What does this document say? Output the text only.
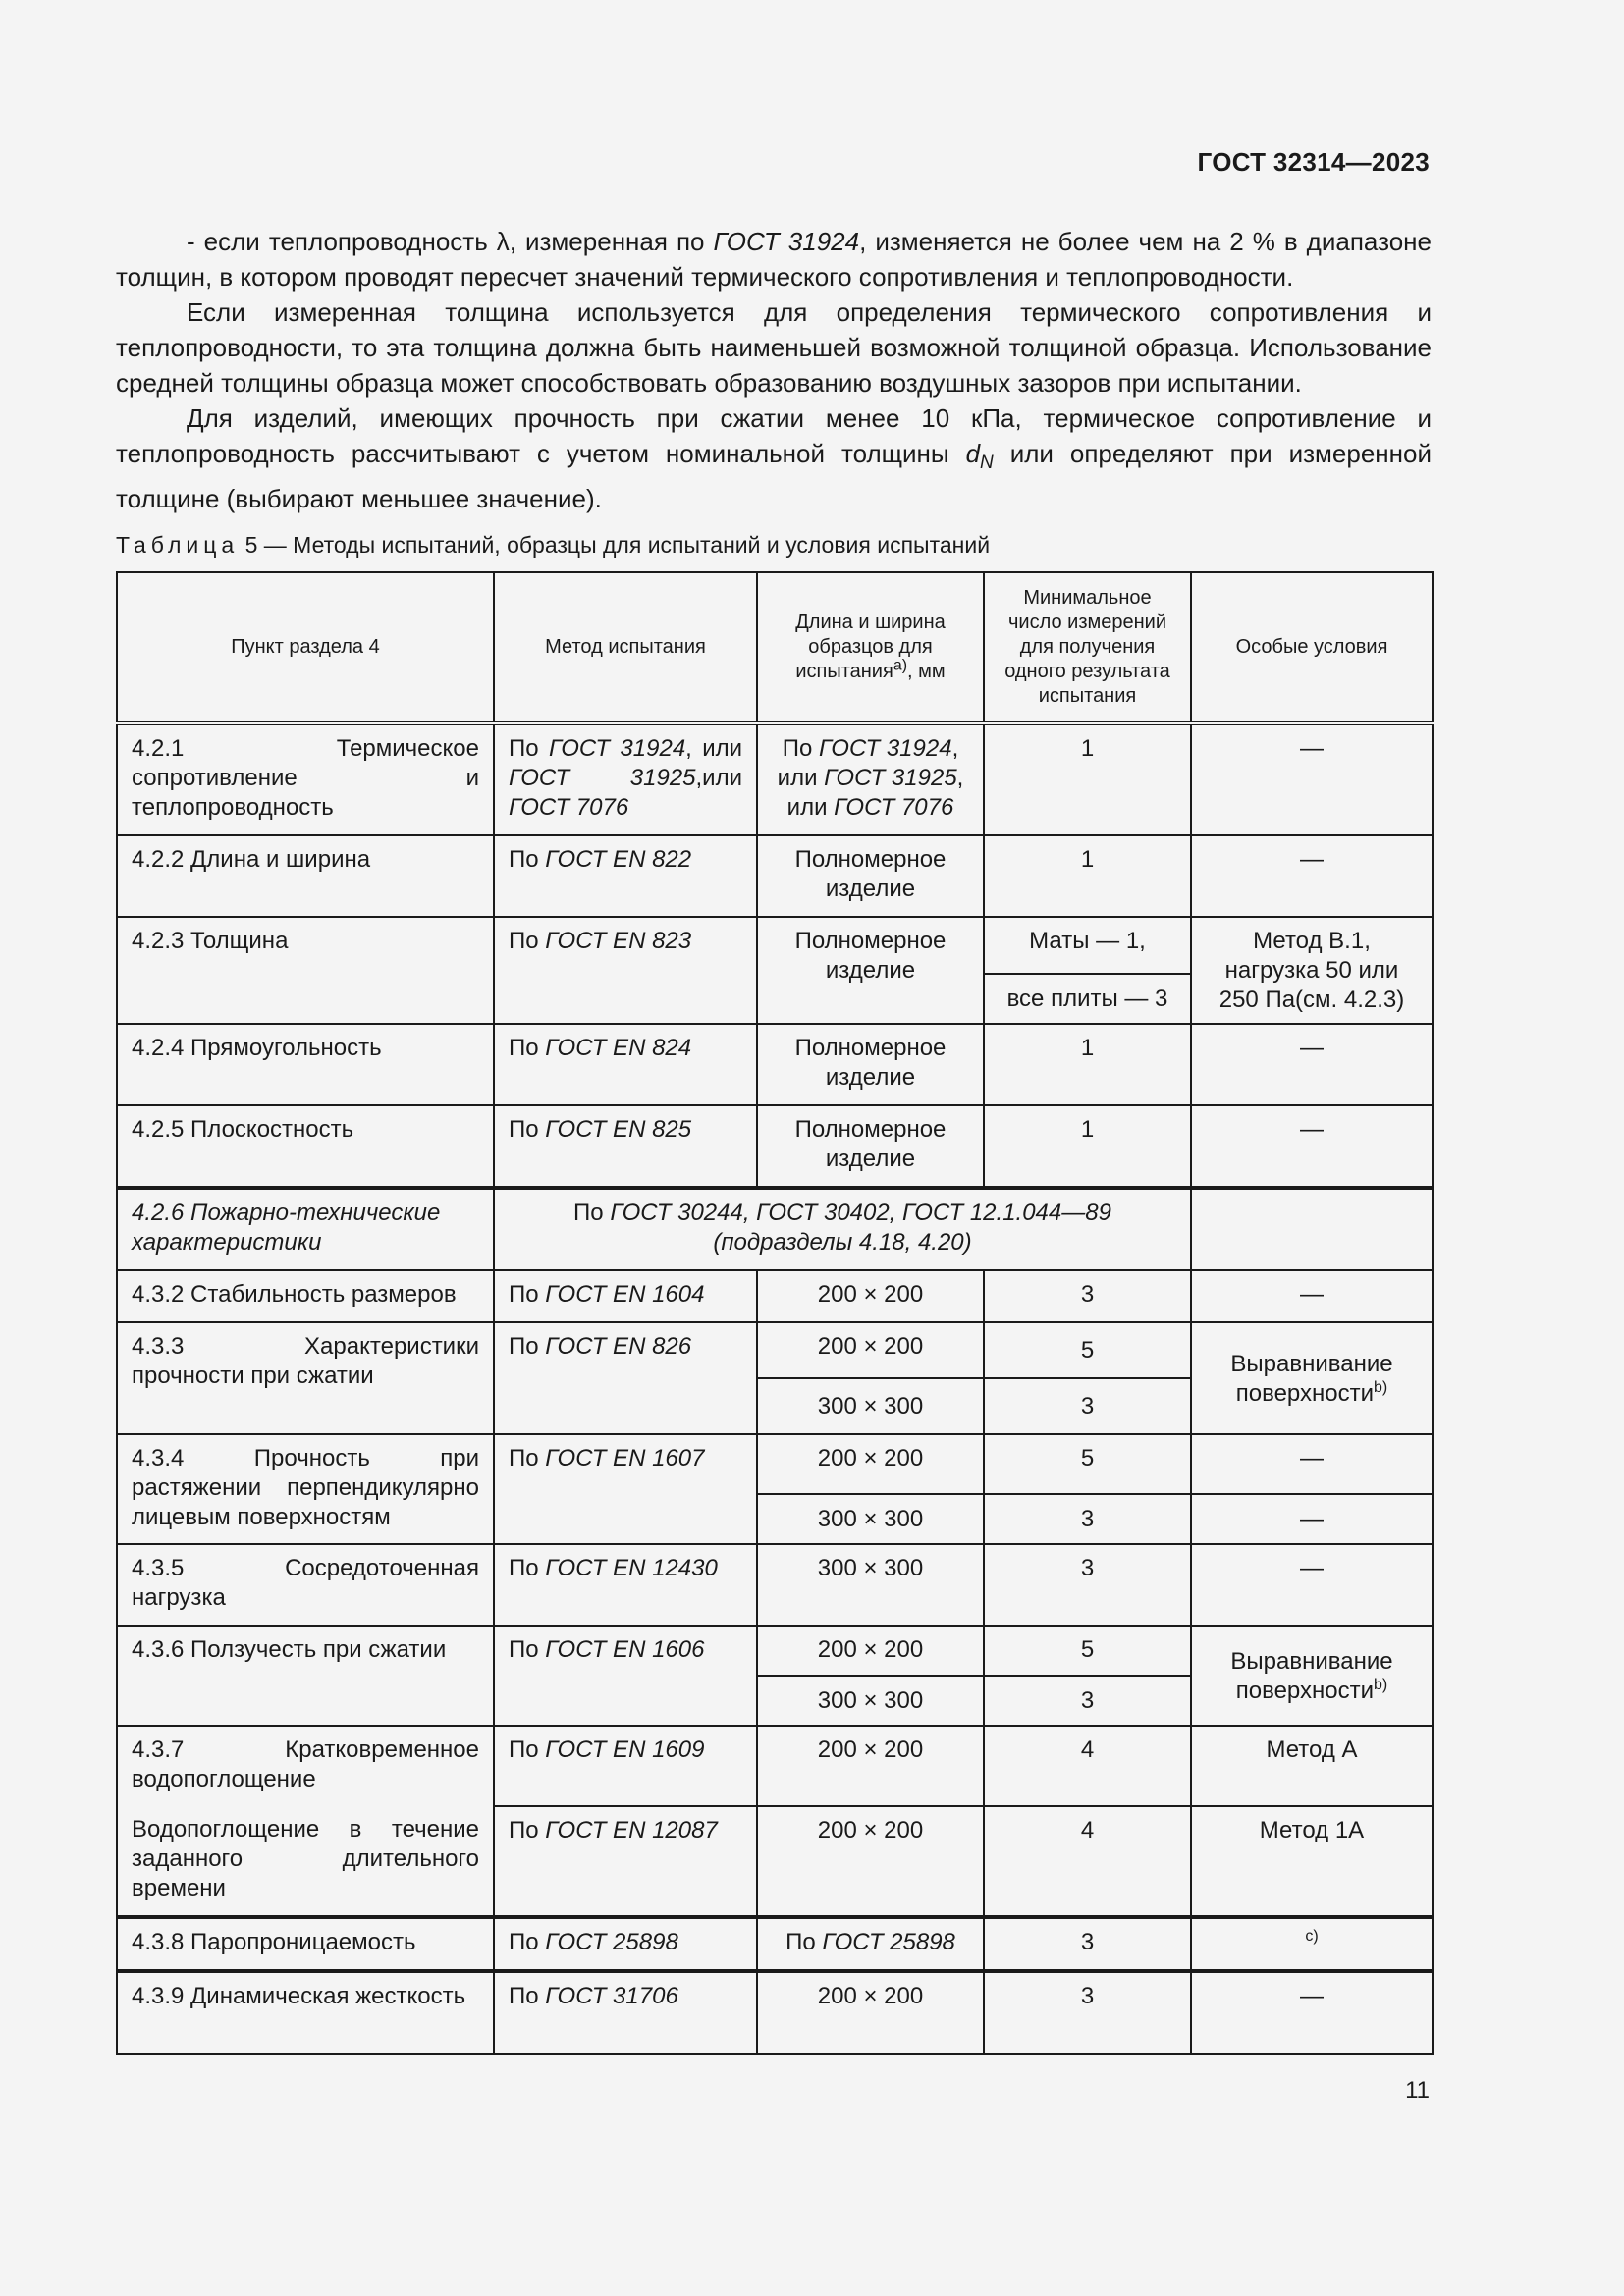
ГОСТ 32314—2023

- если теплопроводность λ, измеренная по ГОСТ 31924, изменяется не более чем на 2 % в диапазоне толщин, в котором проводят пересчет значений термического сопротивления и теплопроводности.

Если измеренная толщина используется для определения термического сопротивления и теплопроводности, то эта толщина должна быть наименьшей возможной толщиной образца. Использование средней толщины образца может способствовать образованию воздушных зазоров при испытании.

Для изделий, имеющих прочность при сжатии менее 10 кПа, термическое сопротивление и теплопроводность рассчитывают с учетом номинальной толщины $d_N$ или определяют при измеренной толщине (выбирают меньшее значение).

Таблица 5 — Методы испытаний, образцы для испытаний и условия испытаний
Пункт раздела 4	Метод испытания	Длина и ширина образцов для испытания$^{а)}$, мм	Минимальное число измерений для получения одного результата испытания	Особые условия
4.2.1 Термическое сопротивление и теплопроводность	По ГОСТ 31924, или ГОСТ 31925,или ГОСТ 7076	По ГОСТ 31924, или ГОСТ 31925, или ГОСТ 7076	1	—
4.2.2 Длина и ширина	По ГОСТ EN 822	Полномерное изделие	1	—
4.2.3 Толщина	По ГОСТ EN 823	Полномерное изделие	Маты — 1,	Метод В.1, нагрузка 50 или 250 Па(см. 4.2.3)
			все плиты — 3	
4.2.4 Прямоугольность	По ГОСТ EN 824	Полномерное изделие	1	—
4.2.5 Плоскостность	По ГОСТ EN 825	Полномерное изделие	1	—
4.2.6 Пожарно-технические характеристики	По ГОСТ 30244, ГОСТ 30402, ГОСТ 12.1.044—89
(подразделы 4.18, 4.20)			
4.3.2 Стабильность размеров	По ГОСТ EN 1604	200 × 200	3	—
4.3.3 Характеристики прочности при сжатии	По ГОСТ EN 826	200 × 200	5	Выравнивание поверхности$^{b)}$
		300 × 300	3	
4.3.4 Прочность при растяжении перпендикулярно лицевым поверхностям	По ГОСТ EN 1607	200 × 200	5	—
		300 × 300	3	—
4.3.5 Сосредоточенная нагрузка	По ГОСТ EN 12430	300 × 300	3	—
4.3.6 Ползучесть при сжатии	По ГОСТ EN 1606	200 × 200	5	Выравнивание поверхности$^{b)}$
		300 × 300	3	
4.3.7 Кратковременное водопоглощение	По ГОСТ EN 1609	200 × 200	4	Метод А
Водопоглощение в течение заданного длительного времени	По ГОСТ EN 12087	200 × 200	4	Метод 1А
4.3.8 Паропроницаемость	По ГОСТ 25898	По ГОСТ 25898	3	$^{c)}$
4.3.9 Динамическая жесткость	По ГОСТ 31706	200 × 200	3	—
11
